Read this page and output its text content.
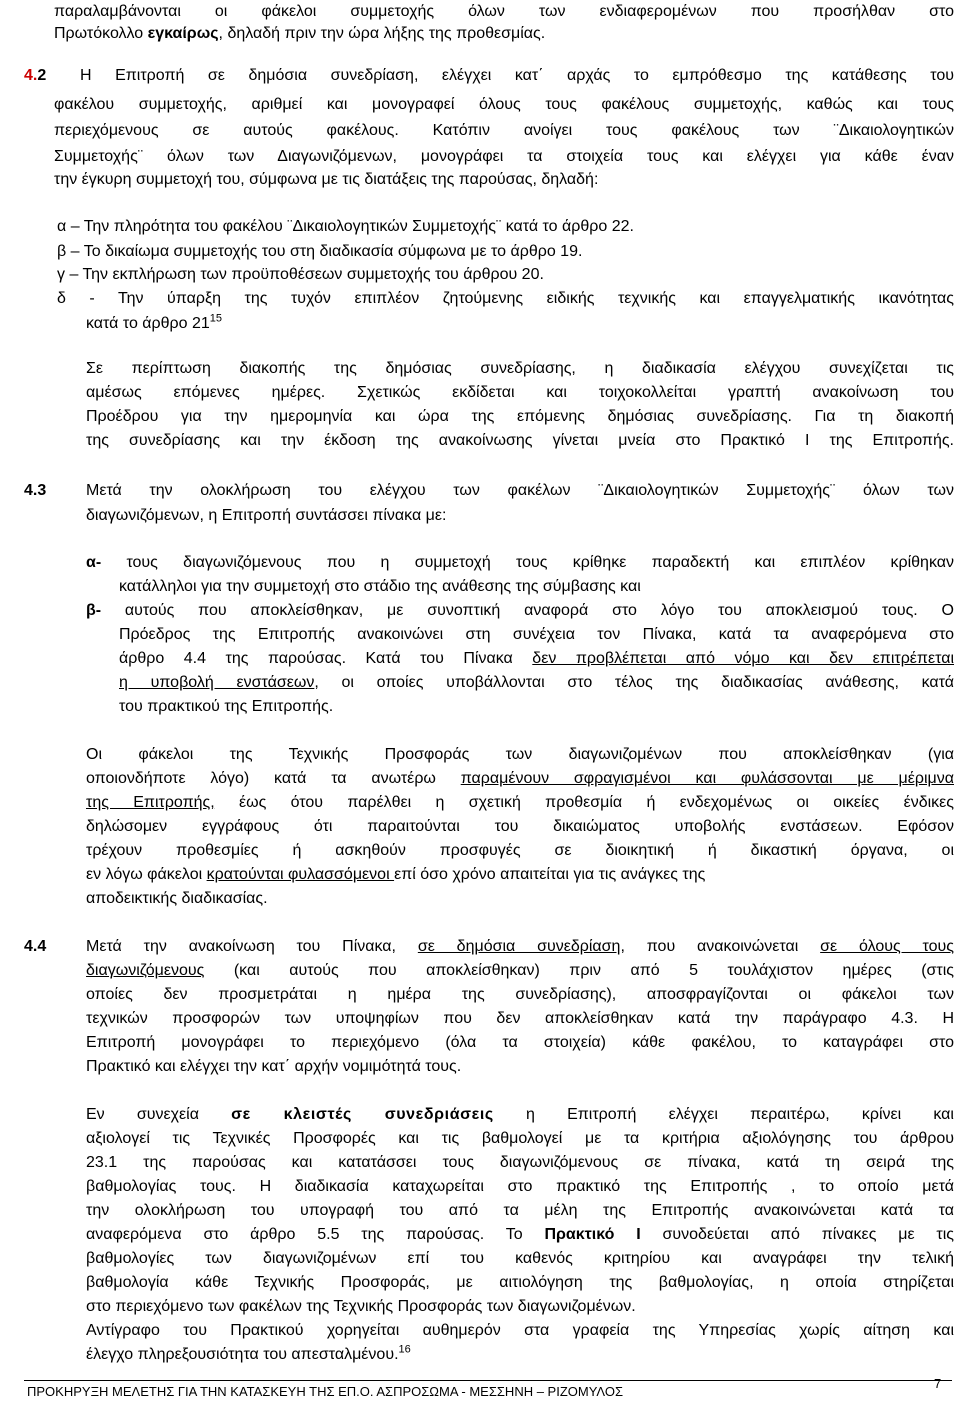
παραλαμβάνονται οι φάκελοι συμμετοχής όλων των ενδιαφερομένων που προσήλθαν στο
Πρωτόκολλο εγκαίρως, δηλαδή πριν την ώρα λήξης της προθεσμίας.
4.2	Η Επιτροπή σε δημόσια συνεδρίαση, ελέγχει κατ΄ αρχάς το εμπρόθεσμο της κατάθεσης του
φακέλου συμμετοχής, αριθμεί και μονογραφεί όλους τους φακέλους συμμετοχής, καθώς και τους
περιεχόμενους σε αυτούς φακέλους. Κατόπιν ανοίγει τους φακέλους των ¨Δικαιολογητικών
Συμμετοχής¨ όλων των Διαγωνιζόμενων, μονογράφει τα στοιχεία τους και ελέγχει για κάθε έναν
την έγκυρη συμμετοχή του, σύμφωνα με τις διατάξεις της παρούσας, δηλαδή:
α – Την πληρότητα του φακέλου ¨Δικαιολογητικών Συμμετοχής¨ κατά το άρθρο 22.
β – Το δικαίωμα συμμετοχής του στη διαδικασία σύμφωνα με το άρθρο 19.
γ – Την εκπλήρωση των προϋποθέσεων συμμετοχής του άρθρου 20.
δ - Την ύπαρξη της τυχόν επιπλέον ζητούμενης ειδικής τεχνικής και επαγγελματικής ικανότητας
κατά το άρθρο $21^{15}$
Σε περίπτωση διακοπής της δημόσιας συνεδρίασης, η διαδικασία ελέγχου συνεχίζεται τις
αμέσως επόμενες ημέρες. Σχετικώς εκδίδεται και τοιχοκολλείται γραπτή ανακοίνωση του
Προέδρου για την ημερομηνία και ώρα της επόμενης δημόσιας συνεδρίασης. Για τη διακοπή
της συνεδρίασης και την έκδοση της ανακοίνωσης γίνεται μνεία στο Πρακτικό Ι της Επιτροπής.
4.3 Μετά την ολοκλήρωση του ελέγχου των φακέλων ¨Δικαιολογητικών Συμμετοχής¨ όλων των
διαγωνιζόμενων, η Επιτροπή συντάσσει πίνακα με:
α- τους διαγωνιζόμενους που η συμμετοχή τους κρίθηκε παραδεκτή και επιπλέον κρίθηκαν
κατάλληλοι για την συμμετοχή στο στάδιο της ανάθεσης της σύμβασης και
β- αυτούς που αποκλείσθηκαν, με συνοπτική αναφορά στο λόγο του αποκλεισμού τους. Ο
Πρόεδρος της Επιτροπής ανακοινώνει στη συνέχεια τον Πίνακα, κατά τα αναφερόμενα στο
άρθρο 4.4 της παρούσας. Κατά του Πίνακα δεν προβλέπεται από νόμο και δεν επιτρέπεται
η υποβολή ενστάσεων, οι οποίες υποβάλλονται στο τέλος της διαδικασίας ανάθεσης, κατά
του πρακτικού της Επιτροπής.
Οι φάκελοι της Τεχνικής Προσφοράς των διαγωνιζομένων που αποκλείσθηκαν (για
οποιονδήποτε λόγο) κατά τα ανωτέρω παραμένουν σφραγισμένοι και φυλάσσονται με μέριμνα
της Επιτροπής, έως ότου παρέλθει η σχετική προθεσμία ή ενδεχομένως οι οικείες ένδικες
δηλώσομεν εγγράφους ότι παραιτούνται του δικαιώματος υποβολής ενστάσεων. Εφόσον
τρέχουν προθεσμίες ή ασκηθούν προσφυγές σε διοικητική ή δικαστική όργανα, οι
εν λόγω φάκελοι κρατούνται φυλασσόμενοι επί όσο χρόνο απαιτείται για τις ανάγκες της
αποδεικτικής διαδικασίας.
4.4 Μετά την ανακοίνωση του Πίνακα, σε δημόσια συνεδρίαση, που ανακοινώνεται σε όλους τους
διαγωνιζόμενους (και αυτούς που αποκλείσθηκαν) πριν από 5 τουλάχιστον ημέρες (στις
οποίες δεν προσμετράται η ημέρα της συνεδρίασης), αποσφραγίζονται οι φάκελοι των
τεχνικών προσφορών των υποψηφίων που δεν αποκλείσθηκαν κατά την παράγραφο 4.3. Η
Επιτροπή μονογράφει το περιεχόμενο (όλα τα στοιχεία) κάθε φακέλου, το καταγράφει στο
Πρακτικό και ελέγχει την κατ΄ αρχήν νομιμότητά τους.
Εν συνεχεία σε κλειστές συνεδριάσεις η Επιτροπή ελέγχει περαιτέρω, κρίνει και
αξιολογεί τις Τεχνικές Προσφορές και τις βαθμολογεί με τα κριτήρια αξιολόγησης του άρθρου
23.1 της παρούσας και κατατάσσει τους διαγωνιζόμενους σε πίνακα, κατά τη σειρά της
βαθμολογίας τους. Η διαδικασία καταχωρείται στο πρακτικό της Επιτροπής , το οποίο μετά
την ολοκλήρωση του υπογραφή του από τα μέλη της Επιτροπής ανακοινώνεται κατά τα
αναφερόμενα στο άρθρο 5.5 της παρούσας. Το Πρακτικό Ι συνοδεύεται από πίνακες με τις
βαθμολογίες των διαγωνιζομένων επί του καθενός κριτηρίου και αναγράφει την τελική
βαθμολογία κάθε Τεχνικής Προσφοράς, με αιτιολόγηση της βαθμολογίας, η οποία στηρίζεται
στο περιεχόμενο των φακέλων της Τεχνικής Προσφοράς των διαγωνιζομένων.
Αντίγραφο του Πρακτικού χορηγείται αυθημερόν στα γραφεία της Υπηρεσίας χωρίς αίτηση και
έλεγχο πληρεξουσιότητα του απεσταλμένου.$^{16}$
ΠΡΟΚΗΡΥΞΗ ΜΕΛΕΤΗΣ ΓΙΑ ΤΗΝ ΚΑΤΑΣΚΕΥΗ ΤΗΣ ΕΠ.Ο. ΑΣΠΡΟΣΩΜΑ - ΜΕΣΣΗΝΗ – ΡΙΖΟΜΥΛΟΣ
7
